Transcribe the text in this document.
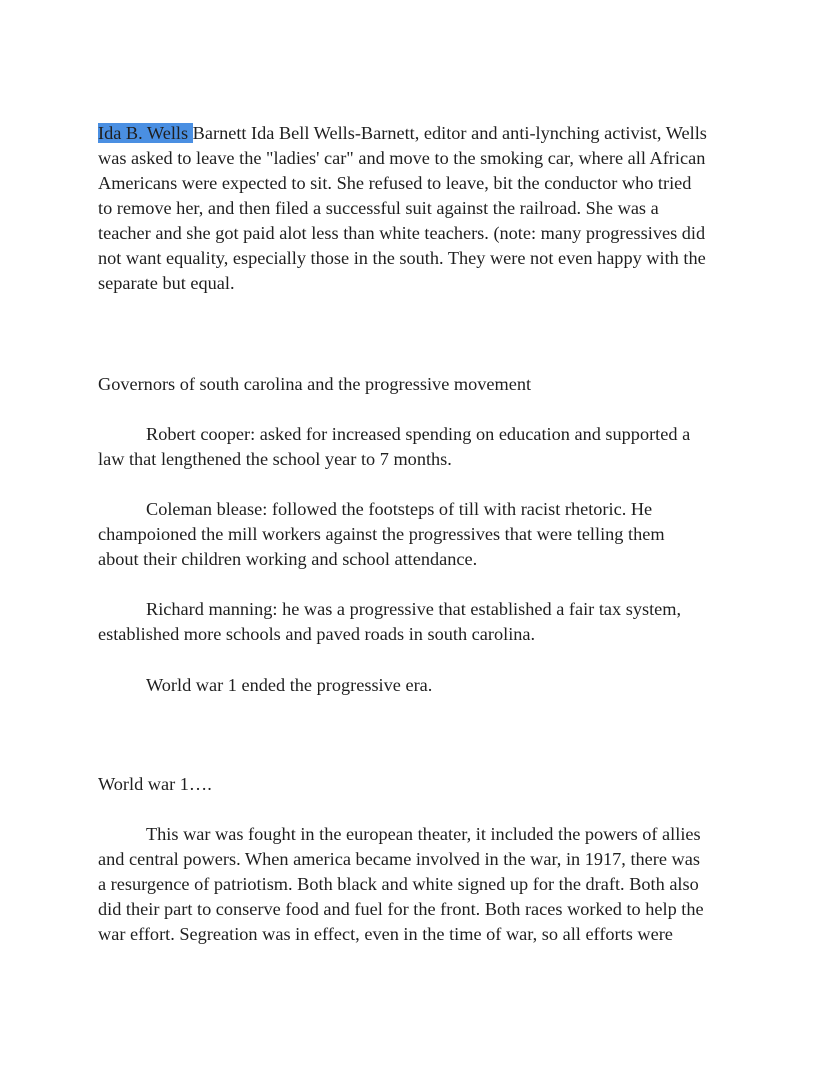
Ida B. Wells Barnett Ida Bell Wells-Barnett, editor and anti-lynching activist, Wells
was asked to leave the "ladies' car" and move to the smoking car, where all African
Americans were expected to sit. She refused to leave, bit the conductor who tried
to remove her, and then filed a successful suit against the railroad. She was a
teacher and she got paid alot less than white teachers. (note: many progressives did
not want equality, especially those in the south. They were not even happy with the
separate but equal.
Governors of south carolina and the progressive movement
Robert cooper: asked for increased spending on education and supported a
law that lengthened the school year to 7 months.
Coleman blease: followed the footsteps of till with racist rhetoric. He
champoioned the mill workers against the progressives that were telling them
about their children working and school attendance.
Richard manning: he was a progressive that established a fair tax system,
established more schools and paved roads in south carolina.
World war 1 ended the progressive era.
World war 1….
This war was fought in the european theater, it included the powers of allies
and central powers. When america became involved in the war, in 1917, there was
a resurgence of patriotism. Both black and white signed up for the draft. Both also
did their part to conserve food and fuel for the front. Both races worked to help the
war effort. Segreation was in effect, even in the time of war, so all efforts were
